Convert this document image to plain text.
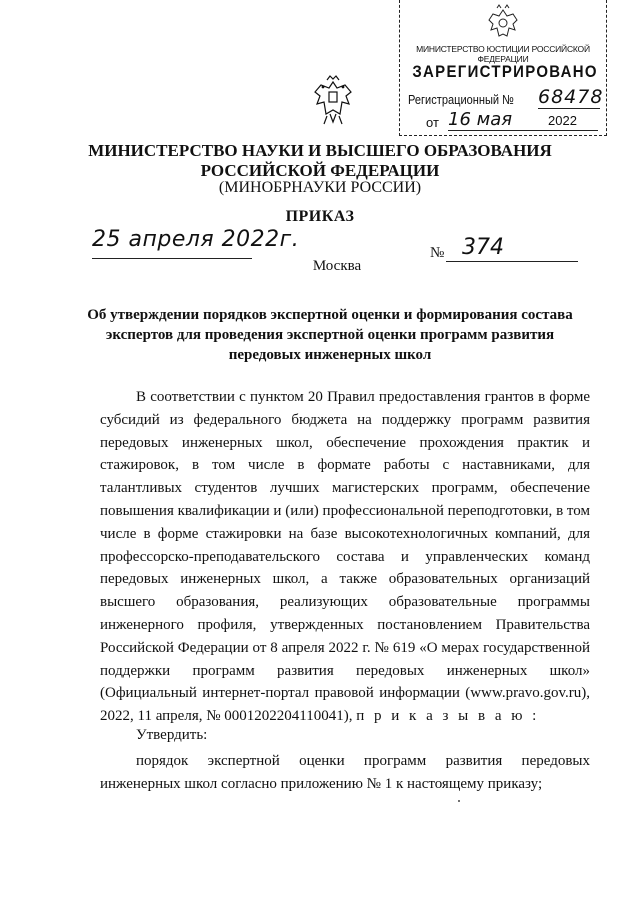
МИНИСТЕРСТВО ЮСТИЦИИ РОССИЙСКОЙ ФЕДЕРАЦИИ
ЗАРЕГИСТРИРОВАНО
Регистрационный № 68478
от 16 мая	2022
МИНИСТЕРСТВО НАУКИ И ВЫСШЕГО ОБРАЗОВАНИЯ
РОССИЙСКОЙ ФЕДЕРАЦИИ
(МИНОБРНАУКИ РОССИИ)
ПРИКАЗ
25 апреля 2022г.
№ 374
Москва
Об утверждении порядков экспертной оценки и формирования состава экспертов для проведения экспертной оценки программ развития передовых инженерных школ

В соответствии с пунктом 20 Правил предоставления грантов в форме субсидий из федерального бюджета на поддержку программ развития передовых инженерных школ, обеспечение прохождения практик и стажировок, в том числе в формате работы с наставниками, для талантливых студентов лучших магистерских программ, обеспечение повышения квалификации и (или) профессиональной переподготовки, в том числе в форме стажировки на базе высокотехнологичных компаний, для профессорско-преподавательского состава и управленческих команд передовых инженерных школ, а также образовательных организаций высшего образования, реализующих образовательные программы инженерного профиля, утвержденных постановлением Правительства Российской Федерации от 8 апреля 2022 г. № 619 «О мерах государственной поддержки программ развития передовых инженерных школ» (Официальный интернет-портал правовой информации (www.pravo.gov.ru), 2022, 11 апреля, № 0001202204110041), п р и к а з ы в а ю :

Утвердить:
порядок экспертной оценки программ развития передовых инженерных школ согласно приложению № 1 к настоящему приказу;
